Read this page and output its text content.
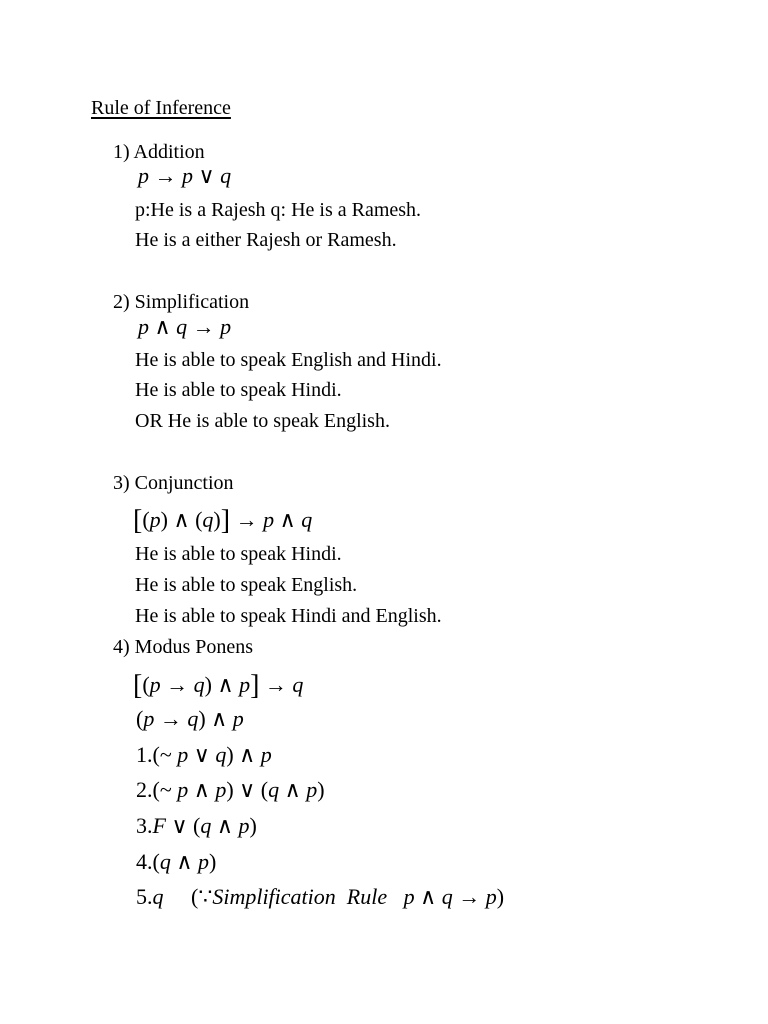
Rule of Inference
1) Addition
p → p ∨ q
p:He is a Rajesh q: He is a Ramesh.
He is a either Rajesh or Ramesh.
2) Simplification
p ∧ q → p
He is able to speak English and Hindi.
He is able to speak Hindi.
OR He is able to speak English.
3) Conjunction
[(p) ∧ (q)] → p ∧ q
He is able to speak Hindi.
He is able to speak English.
He is able to speak Hindi and English.
4) Modus Ponens
[(p → q) ∧ p] → q
(p → q) ∧ p
1.(~ p ∨ q) ∧ p
2.(~ p ∧ p) ∨ (q ∧ p)
3.F ∨ (q ∧ p)
4.(q ∧ p)
5.q     (∵Simplification  Rule   p ∧ q → p)
